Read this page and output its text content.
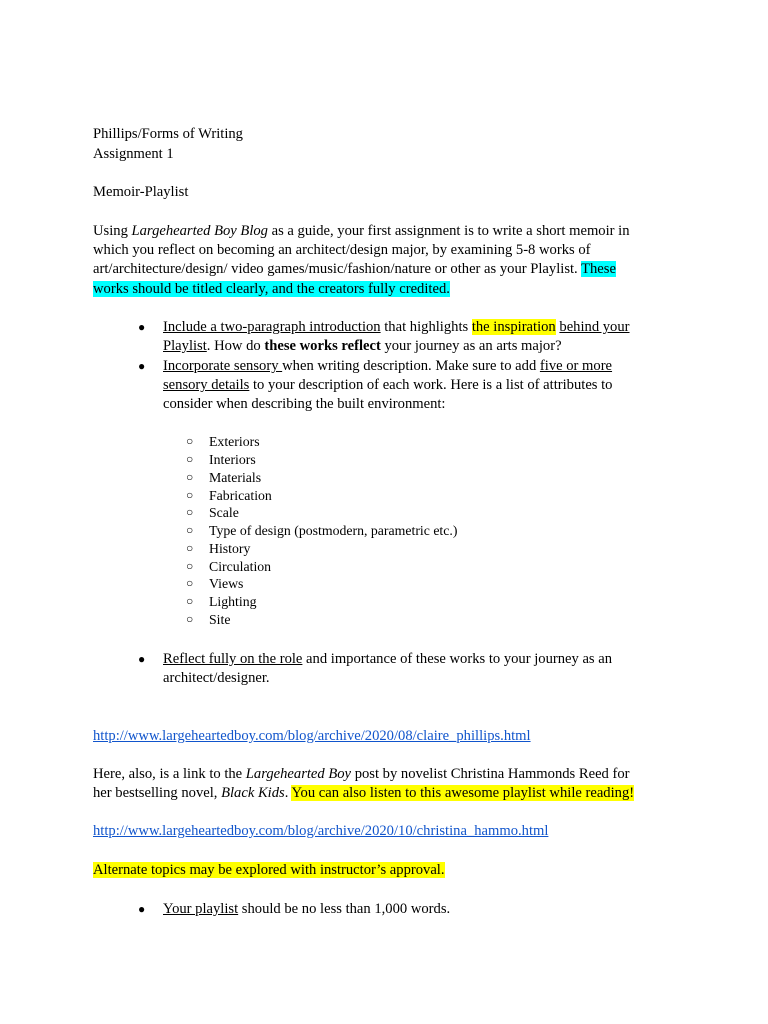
Phillips/Forms of Writing
Assignment 1
Memoir-Playlist
Using Largehearted Boy Blog as a guide, your first assignment is to write a short memoir in
which you reflect on becoming an architect/design major, by examining 5-8 works of
art/architecture/design/ video games/music/fashion/nature or other as your Playlist. These
works should be titled clearly, and the creators fully credited.
● Include a two-paragraph introduction that highlights the inspiration behind your
Playlist. How do these works reflect your journey as an arts major?
● Incorporate sensory when writing description. Make sure to add five or more
sensory details to your description of each work. Here is a list of attributes to
consider when describing the built environment:
○ Exteriors
○ Interiors
○ Materials
○ Fabrication
○ Scale
○ Type of design (postmodern, parametric etc.)
○ History
○ Circulation
○ Views
○ Lighting
○ Site
● Reflect fully on the role and importance of these works to your journey as an
architect/designer.
http://www.largeheartedboy.com/blog/archive/2020/08/claire_phillips.html
Here, also, is a link to the Largehearted Boy post by novelist Christina Hammonds Reed for
her bestselling novel, Black Kids. You can also listen to this awesome playlist while reading!
http://www.largeheartedboy.com/blog/archive/2020/10/christina_hammo.html
Alternate topics may be explored with instructor’s approval.
● Your playlist should be no less than 1,000 words.
